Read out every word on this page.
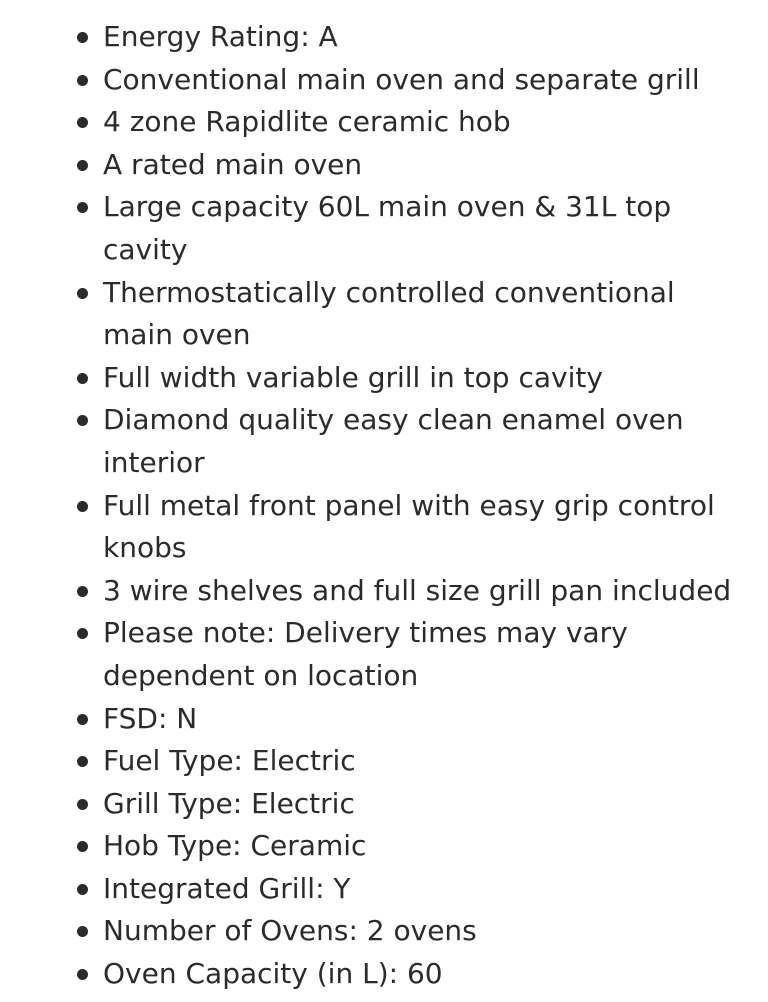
Energy Rating: A
Conventional main oven and separate grill
4 zone Rapidlite ceramic hob
A rated main oven
Large capacity 60L main oven & 31L top cavity
Thermostatically controlled conventional main oven
Full width variable grill in top cavity
Diamond quality easy clean enamel oven interior
Full metal front panel with easy grip control knobs
3 wire shelves and full size grill pan included
Please note: Delivery times may vary dependent on location
FSD: N
Fuel Type: Electric
Grill Type: Electric
Hob Type: Ceramic
Integrated Grill: Y
Number of Ovens: 2 ovens
Oven Capacity (in L): 60
